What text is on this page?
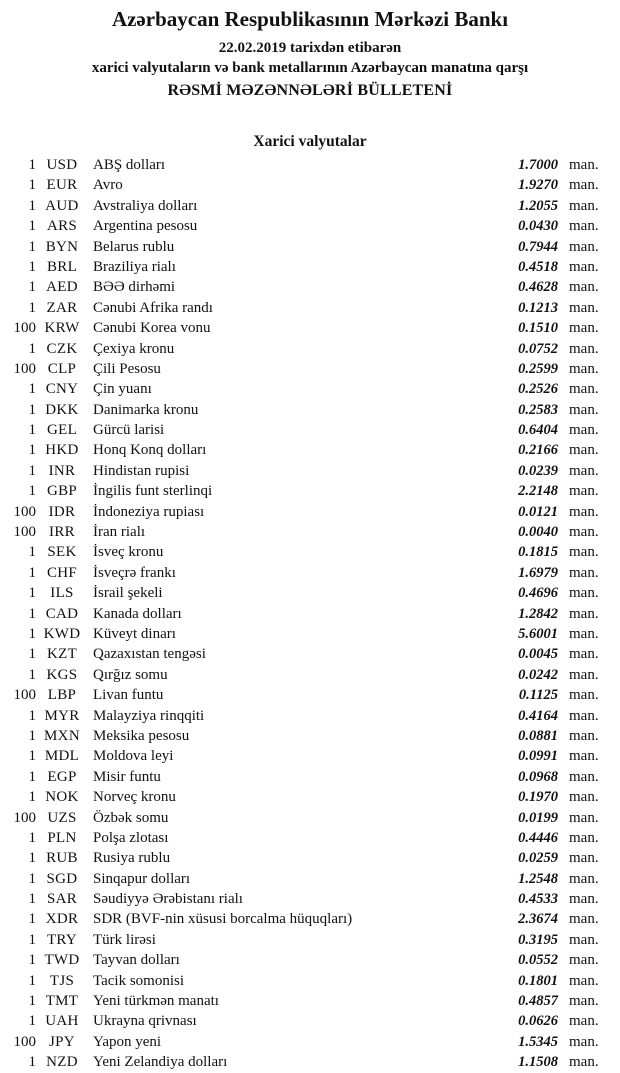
Azərbaycan Respublikasının Mərkəzi Bankı
22.02.2019 tarixdən etibarən
xarici valyutaların və bank metallarının Azərbaycan manatına qarşı
RƏSMİ MƏZƏNNƏLƏRİ BÜLLETENİ
Xarici valyutalar
1 USD	ABŞ dolları	1.7000 man.
1 EUR	Avro	1.9270 man.
1 AUD Avstraliya dolları	1.2055 man.
1 ARS	Argentina pesosu	0.0430 man.
1 BYN Belarus rublu	0.7944 man.
1 BRL	Braziliya rialı	0.4518 man.
1 AED	BƏƏ dirhəmi	0.4628 man.
1 ZAR	Cənubi Afrika randı	0.1213 man.
100 KRW Cənubi Korea vonu	0.1510 man.
1 CZK	Çexiya kronu	0.0752 man.
100 CLP	Çili Pesosu	0.2599 man.
1 CNY Çin yuanı	0.2526 man.
1 DKK Danimarka kronu	0.2583 man.
1 GEL	Gürcü larisi	0.6404 man.
1 HKD Honq Konq dolları	0.2166 man.
1 INR	Hindistan rupisi	0.0239 man.
1 GBP	İngilis funt sterlinqi	2.2148 man.
100 IDR	İndoneziya rupiası	0.0121 man.
100 IRR	İran rialı	0.0040 man.
1 SEK	İsveç kronu	0.1815 man.
1 CHF	İsveçrə frankı	1.6979 man.
1 ILS	İsrail şekeli	0.4696 man.
1 CAD Kanada dolları	1.2842 man.
1 KWD Küveyt dinarı	5.6001 man.
1 KZT	Qazaxıstan tengəsi	0.0045 man.
1 KGS	Qırğız somu	0.0242 man.
100 LBP	Livan funtu	0.1125 man.
1 MYR Malayziya rinqqiti	0.4164 man.
1 MXN Meksika pesosu	0.0881 man.
1 MDL Moldova leyi	0.0991 man.
1 EGP	Misir funtu	0.0968 man.
1 NOK Norveç kronu	0.1970 man.
100 UZS	Özbək somu	0.0199 man.
1 PLN	Polşa zlotası	0.4446 man.
1 RUB	Rusiya rublu	0.0259 man.
1 SGD	Sinqapur dolları	1.2548 man.
1 SAR	Səudiyyə Ərəbistanı rialı	0.4533 man.
1 XDR SDR (BVF-nin xüsusi borcalma hüquqları)	2.3674 man.
1 TRY	Türk lirəsi	0.3195 man.
1 TWD Tayvan dolları	0.0552 man.
1 TJS	Tacik somonisi	0.1801 man.
1 TMT Yeni türkmən manatı	0.4857 man.
1 UAH Ukrayna qrivnası	0.0626 man.
100 JPY	Yapon yeni	1.5345 man.
1 NZD	Yeni Zelandiya dolları	1.1508 man.
